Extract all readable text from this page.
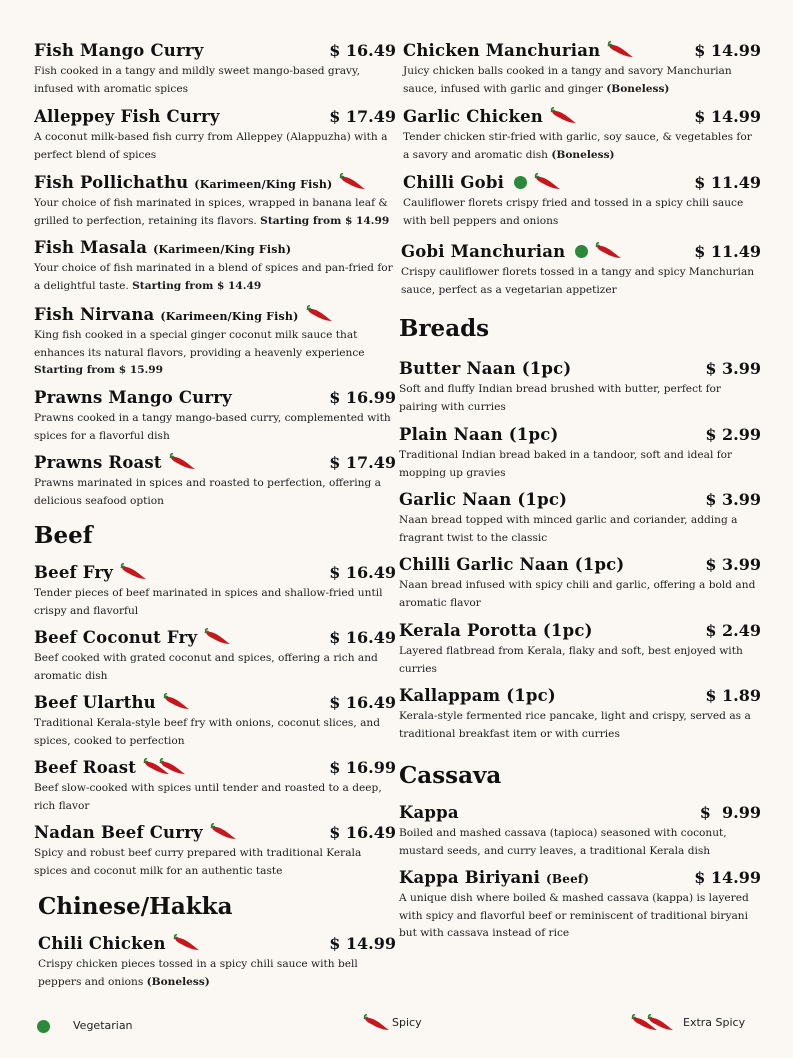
Fish Mango Curry	$ 16.49
Fish cooked in a tangy and mildly sweet mango-based gravy, infused with aromatic spices
Alleppey Fish Curry	$ 17.49
A coconut milk-based fish curry from Alleppey (Alappuzha) with a perfect blend of spices
Fish Pollichathu (Karimeen/King Fish)
Your choice of fish marinated in spices, wrapped in banana leaf & grilled to perfection, retaining its flavors. Starting from $ 14.99
Fish Masala (Karimeen/King Fish)
Your choice of fish marinated in a blend of spices and pan-fried for a delightful taste. Starting from $ 14.49
Fish Nirvana (Karimeen/King Fish)
King fish cooked in a special ginger coconut milk sauce that enhances its natural flavors, providing a heavenly experience
Starting from $ 15.99
Prawns Mango Curry	$ 16.99
Prawns cooked in a tangy mango-based curry, complemented with spices for a flavorful dish
Prawns Roast	$ 17.49
Prawns marinated in spices and roasted to perfection, offering a delicious seafood option
Beef
Beef Fry	$ 16.49
Tender pieces of beef marinated in spices and shallow-fried until crispy and flavorful
Beef Coconut Fry	$ 16.49
Beef cooked with grated coconut and spices, offering a rich and aromatic dish
Beef Ularthu	$ 16.49
Traditional Kerala-style beef fry with onions, coconut slices, and spices, cooked to perfection
Beef Roast	$ 16.99
Beef slow-cooked with spices until tender and roasted to a deep, rich flavor
Nadan Beef Curry	$ 16.49
Spicy and robust beef curry prepared with traditional Kerala spices and coconut milk for an authentic taste
Chinese/Hakka
Chili Chicken	$ 14.99
Crispy chicken pieces tossed in a spicy chili sauce with bell peppers and onions (Boneless)
Chicken Manchurian	$ 14.99
Juicy chicken balls cooked in a tangy and savory Manchurian sauce, infused with garlic and ginger (Boneless)
Garlic Chicken	$ 14.99
Tender chicken stir-fried with garlic, soy sauce, & vegetables for a savory and aromatic dish (Boneless)
Chilli Gobi	$ 11.49
Cauliflower florets crispy fried and tossed in a spicy chili sauce with bell peppers and onions
Gobi Manchurian	$ 11.49
Crispy cauliflower florets tossed in a tangy and spicy Manchurian sauce, perfect as a vegetarian appetizer
Breads
Butter Naan (1pc)	$ 3.99
Soft and fluffy Indian bread brushed with butter, perfect for pairing with curries
Plain Naan (1pc)	$ 2.99
Traditional Indian bread baked in a tandoor, soft and ideal for mopping up gravies
Garlic Naan (1pc)	$ 3.99
Naan bread topped with minced garlic and coriander, adding a fragrant twist to the classic
Chilli Garlic Naan (1pc)	$ 3.99
Naan bread infused with spicy chili and garlic, offering a bold and aromatic flavor
Kerala Porotta (1pc)	$ 2.49
Layered flatbread from Kerala, flaky and soft, best enjoyed with curries
Kallappam (1pc)	$ 1.89
Kerala-style fermented rice pancake, light and crispy, served as a traditional breakfast item or with curries
Cassava
Kappa	$  9.99
Boiled and mashed cassava (tapioca) seasoned with coconut, mustard seeds, and curry leaves, a traditional Kerala dish
Kappa Biriyani (Beef)	$ 14.99
A unique dish where boiled & mashed cassava (kappa) is layered with spicy and flavorful beef or reminiscent of traditional biryani but with cassava instead of rice
Vegetarian	Spicy	Extra Spicy
